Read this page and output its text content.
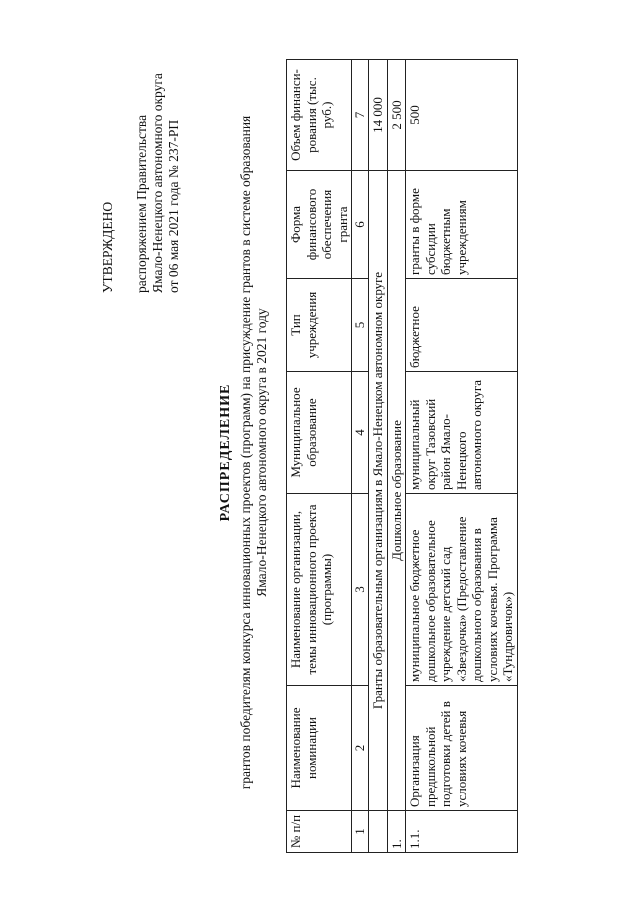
УТВЕРЖДЕНО распоряжением Правительства Ямало-Ненецкого автономного округа от 06 мая 2021 года № 237-РП
РАСПРЕДЕЛЕНИЕ грантов победителям конкурса инновационных проектов (программ) на присуждение грантов в системе образования Ямало-Ненецкого автономного округа в 2021 году
№ п/п	Наименование номинации	Наименование организации, темы инновационного проекта (программы)	Муниципальное образование	Тип учреждения	Форма финансового обеспечения гранта	Объем финанси-рования (тыс. руб.)
1	2	3	4	5	6	7
	Гранты образовательным организациям в Ямало-Ненецком автономном округе					14 000
1.	Дошкольное образование					2 500
1.1.	Организация предшкольной подготовки детей в условиях кочевья	муниципальное бюджетное дошкольное образовательное учреждение детский сад «Звездочка» (Предоставление дошкольного образования в условиях кочевья. Программа «Тундровичок»)	муниципальный округ Тазовский район Ямало-Ненецкого автономного округа	бюджетное	гранты в форме субсидии бюджетным учреждениям	500
